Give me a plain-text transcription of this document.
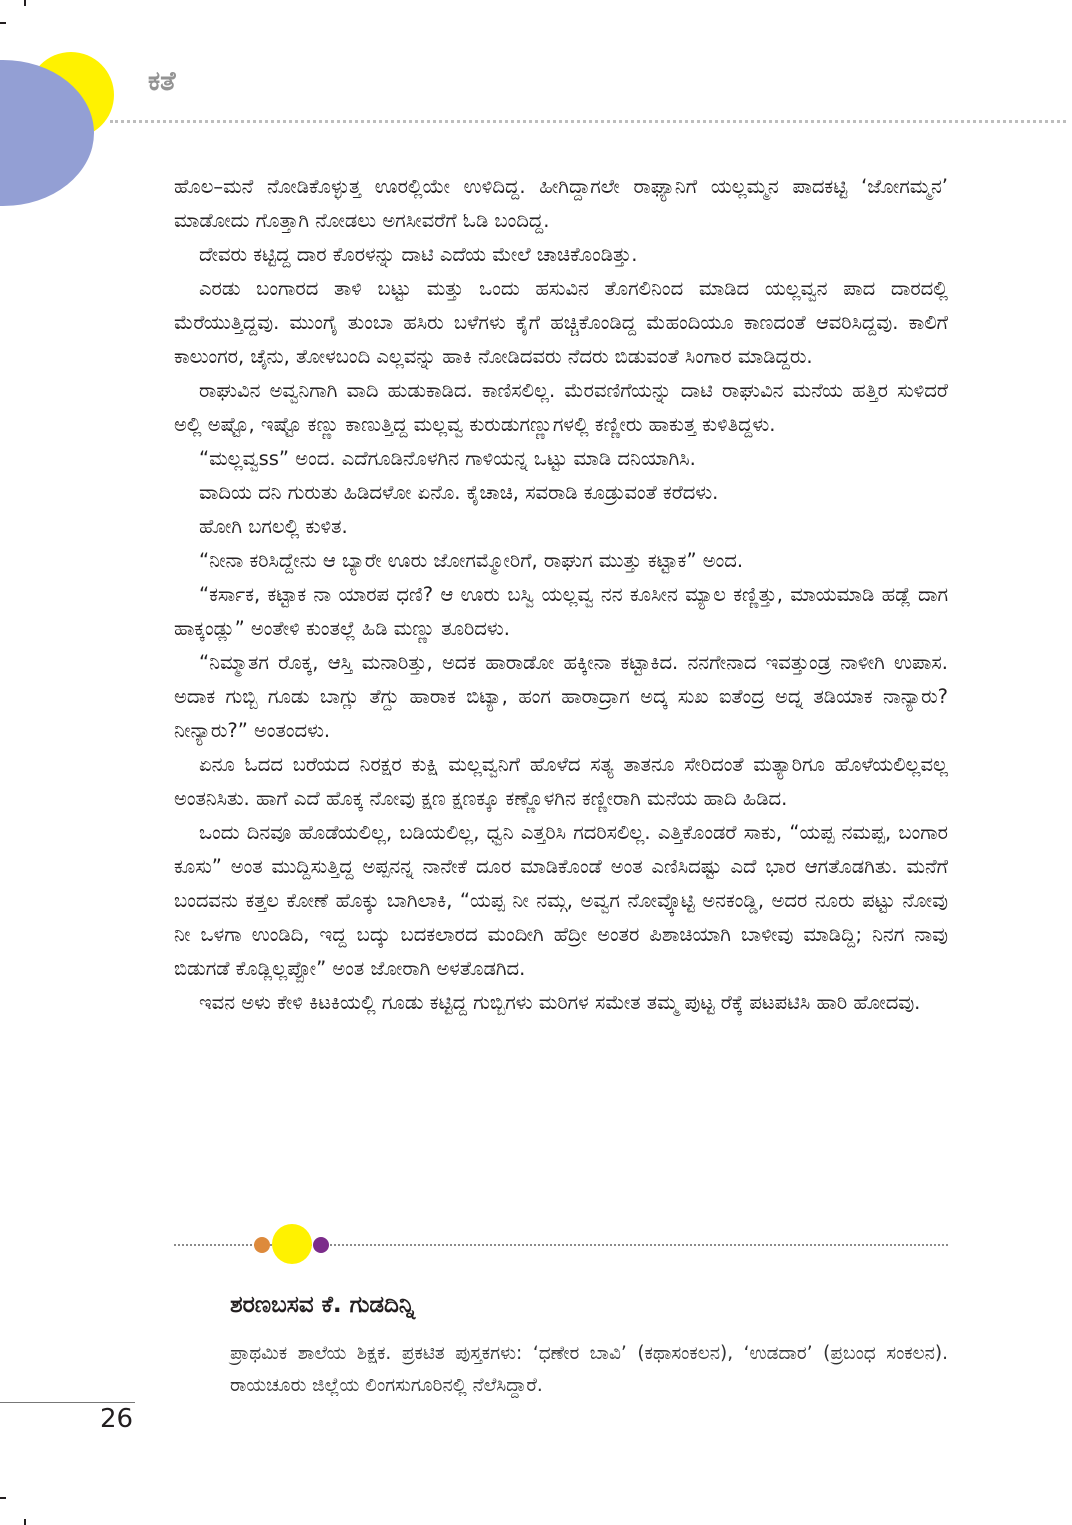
ಕತೆ

ಹೊಲ–ಮನೆ ನೋಡಿಕೊಳ್ಳುತ್ತ ಊರಲ್ಲಿಯೇ ಉಳಿದಿದ್ದ. ಹೀಗಿದ್ದಾಗಲೇ ರಾಘ್ಯಾನಿಗೆ ಯಲ್ಲಮ್ಮನ ಪಾದಕಟ್ಟಿ ‘ಜೋಗಮ್ಮನ’ ಮಾಡೋದು ಗೊತ್ತಾಗಿ ನೋಡಲು ಅಗಸೀವರೆಗೆ ಓಡಿ ಬಂದಿದ್ದ.

ದೇವರು ಕಟ್ಟಿದ್ದ ದಾರ ಕೊರಳನ್ನು ದಾಟಿ ಎದೆಯ ಮೇಲೆ ಚಾಚಿಕೊಂಡಿತ್ತು.

ಎರಡು ಬಂಗಾರದ ತಾಳಿ ಬಟ್ಟು ಮತ್ತು ಒಂದು ಹಸುವಿನ ತೊಗಲಿನಿಂದ ಮಾಡಿದ ಯಲ್ಲವ್ವನ ಪಾದ ದಾರದಲ್ಲಿ ಮೆರೆಯುತ್ತಿದ್ದವು. ಮುಂಗೈ ತುಂಬಾ ಹಸಿರು ಬಳೆಗಳು ಕೈಗೆ ಹಚ್ಚಿಕೊಂಡಿದ್ದ ಮೆಹಂದಿಯೂ ಕಾಣದಂತೆ ಆವರಿಸಿದ್ದವು. ಕಾಲಿಗೆ ಕಾಲುಂಗರ, ಚೈನು, ತೋಳಬಂದಿ ಎಲ್ಲವನ್ನು ಹಾಕಿ ನೋಡಿದವರು ನೆದರು ಬಿಡುವಂತೆ ಸಿಂಗಾರ ಮಾಡಿದ್ದರು.

ರಾಘುವಿನ ಅವ್ವನಿಗಾಗಿ ವಾದಿ ಹುಡುಕಾಡಿದ. ಕಾಣಿಸಲಿಲ್ಲ. ಮೆರವಣಿಗೆಯನ್ನು ದಾಟಿ ರಾಘುವಿನ ಮನೆಯ ಹತ್ತಿರ ಸುಳಿದರೆ ಅಲ್ಲಿ ಅಷ್ಟೊ, ಇಷ್ಟೊ ಕಣ್ಣು ಕಾಣುತ್ತಿದ್ದ ಮಲ್ಲವ್ವ ಕುರುಡುಗಣ್ಣುಗಳಲ್ಲಿ ಕಣ್ಣೀರು ಹಾಕುತ್ತ ಕುಳಿತಿದ್ದಳು.

“ಮಲ್ಲವ್ವss” ಅಂದ. ಎದೆಗೂಡಿನೊಳಗಿನ ಗಾಳಿಯನ್ನ ಒಟ್ಟು ಮಾಡಿ ದನಿಯಾಗಿಸಿ.

ವಾದಿಯ ದನಿ ಗುರುತು ಹಿಡಿದಳೋ ಏನೊ. ಕೈಚಾಚಿ, ಸವರಾಡಿ ಕೂಡ್ರುವಂತೆ ಕರೆದಳು.

ಹೋಗಿ ಬಗಲಲ್ಲಿ ಕುಳಿತ.

“ನೀನಾ ಕರಿಸಿದ್ದೇನು ಆ ಬ್ಯಾರೇ ಊರು ಜೋಗಮ್ಮೋರಿಗೆ, ರಾಘುಗ ಮುತ್ತು ಕಟ್ಟಾಕ” ಅಂದ.

“ಕರ್ಸಾಕ, ಕಟ್ಟಾಕ ನಾ ಯಾರಪ ಧಣಿ? ಆ ಊರು ಬಸ್ವಿ ಯಲ್ಲವ್ವ ನನ ಕೂಸೀನ ಮ್ಯಾಲ ಕಣ್ಣಿತ್ತು, ಮಾಯಮಾಡಿ ಹಡ್ಲೆ ದಾಗ ಹಾಕ್ಕಂಡ್ಲು” ಅಂತೇಳಿ ಕುಂತಲ್ಲೆ ಹಿಡಿ ಮಣ್ಣು ತೂರಿದಳು.

“ನಿಮ್ಮಾತಗ ರೊಕ್ಕ, ಆಸ್ತಿ ಮನಾರಿತ್ತು, ಅದಕ ಹಾರಾಡೋ ಹಕ್ಕೀನಾ ಕಟ್ಟಾಕಿದ. ನನಗೇನಾದ ಇವತ್ತುಂಡ್ರ ನಾಳೀಗಿ ಉಪಾಸ. ಅದಾಕ ಗುಬ್ಬಿ ಗೂಡು ಬಾಗ್ಲು ತೆಗ್ದು ಹಾರಾಕ ಬಿಟ್ಯಾ, ಹಂಗ ಹಾರಾದ್ರಾಗ ಅದ್ಕ ಸುಖ ಐತೆಂದ್ರ ಅದ್ನ ತಡಿಯಾಕ ನಾನ್ಯಾರು? ನೀನ್ಯಾರು?” ಅಂತಂದಳು.

ಏನೂ ಓದದ ಬರೆಯದ ನಿರಕ್ಷರ ಕುಕ್ಷಿ ಮಲ್ಲವ್ವನಿಗೆ ಹೊಳೆದ ಸತ್ಯ ತಾತನೂ ಸೇರಿದಂತೆ ಮತ್ಯಾರಿಗೂ ಹೊಳೆಯಲಿಲ್ಲವಲ್ಲ ಅಂತನಿಸಿತು. ಹಾಗೆ ಎದೆ ಹೊಕ್ಕ ನೋವು ಕ್ಷಣ ಕ್ಷಣಕ್ಕೂ ಕಣ್ಣೊಳಗಿನ ಕಣ್ಣೀರಾಗಿ ಮನೆಯ ಹಾದಿ ಹಿಡಿದ.

ಒಂದು ದಿನವೂ ಹೊಡೆಯಲಿಲ್ಲ, ಬಡಿಯಲಿಲ್ಲ, ಧ್ವನಿ ಎತ್ತರಿಸಿ ಗದರಿಸಲಿಲ್ಲ. ಎತ್ತಿಕೊಂಡರೆ ಸಾಕು, “ಯಪ್ಪ ನಮಪ್ಪ, ಬಂಗಾರ ಕೂಸು” ಅಂತ ಮುದ್ದಿಸುತ್ತಿದ್ದ ಅಪ್ಪನನ್ನ ನಾನೇಕೆ ದೂರ ಮಾಡಿಕೊಂಡೆ ಅಂತ ಎಣಿಸಿದಷ್ಟು ಎದೆ ಭಾರ ಆಗತೊಡಗಿತು. ಮನೆಗೆ ಬಂದವನು ಕತ್ತಲ ಕೋಣೆ ಹೊಕ್ಕು ಬಾಗಿಲಾಕಿ, “ಯಪ್ಪ ನೀ ನಮ್ಗ, ಅವ್ವಗ ನೋವ್ಕೊಟ್ಟಿ ಅನಕಂಡ್ಡಿ, ಅದರ ನೂರು ಪಟ್ಟು ನೋವು ನೀ ಒಳಗಾ ಉಂಡಿದಿ, ಇದ್ದ ಬದ್ಕು ಬದಕಲಾರದ ಮಂದೀಗಿ ಹೆದ್ರೀ ಅಂತರ ಪಿಶಾಚಿಯಾಗಿ ಬಾಳೀವು ಮಾಡಿದ್ದಿ; ನಿನಗ ನಾವು ಬಿಡುಗಡೆ ಕೊಡ್ಲಿಲ್ಲಪ್ಪೋ” ಅಂತ ಜೋರಾಗಿ ಅಳತೊಡಗಿದ.

ಇವನ ಅಳು ಕೇಳಿ ಕಿಟಕಿಯಲ್ಲಿ ಗೂಡು ಕಟ್ಟಿದ್ದ ಗುಬ್ಬಿಗಳು ಮರಿಗಳ ಸಮೇತ ತಮ್ಮ ಪುಟ್ಟ ರೆಕ್ಕೆ ಪಟಪಟಿಸಿ ಹಾರಿ ಹೋದವು.

ಶರಣಬಸವ ಕೆ. ಗುಡದಿನ್ನಿ

ಪ್ರಾಥಮಿಕ ಶಾಲೆಯ ಶಿಕ್ಷಕ. ಪ್ರಕಟಿತ ಪುಸ್ತಕಗಳು: ‘ಧಣೇರ ಬಾವಿ’ (ಕಥಾಸಂಕಲನ), ‘ಉಡದಾರ’ (ಪ್ರಬಂಧ ಸಂಕಲನ). ರಾಯಚೂರು ಜಿಲ್ಲೆಯ ಲಿಂಗಸುಗೂರಿನಲ್ಲಿ ನೆಲೆಸಿದ್ದಾರೆ.

26
